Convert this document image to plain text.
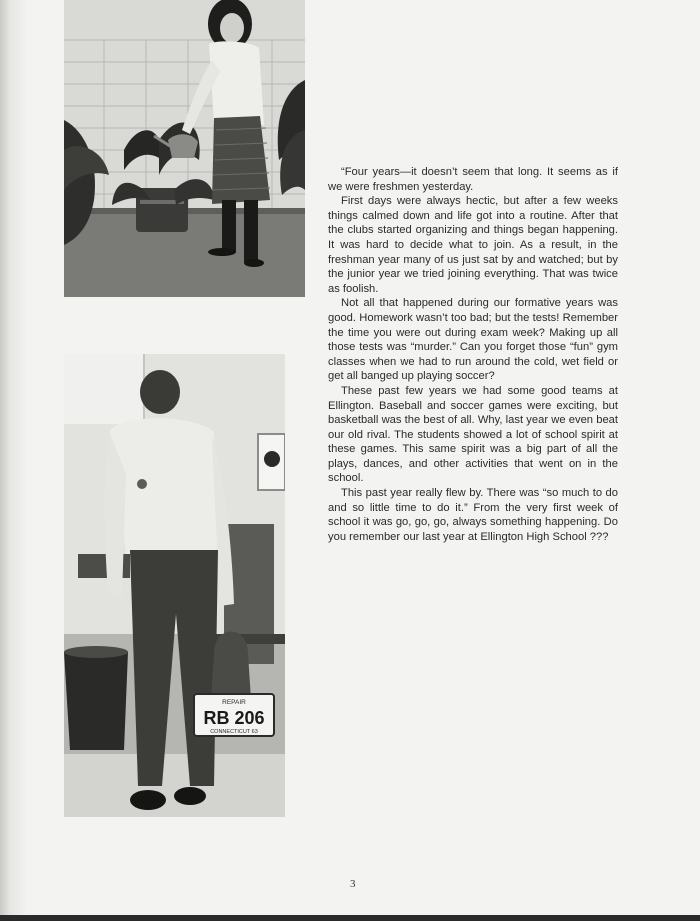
REPAIR
RB 206
CONNECTICUT 63

“Four years—it doesn’t seem that long. It seems as if we were freshmen yesterday.

First days were always hectic, but after a few weeks things calmed down and life got into a routine. After that the clubs started organizing and things began happening. It was hard to decide what to join. As a result, in the freshman year many of us just sat by and watched; but by the junior year we tried joining everything. That was twice as foolish.

Not all that happened during our formative years was good. Homework wasn’t too bad; but the tests! Remember the time you were out during exam week? Making up all those tests was “murder.” Can you forget those “fun” gym classes when we had to run around the cold, wet field or get all banged up playing soccer?

These past few years we had some good teams at Ellington. Baseball and soccer games were exciting, but basketball was the best of all. Why, last year we even beat our old rival. The students showed a lot of school spirit at these games. This same spirit was a big part of all the plays, dances, and other activities that went on in the school.

This past year really flew by. There was “so much to do and so little time to do it.” From the very first week of school it was go, go, go, always something happening. Do you remember our last year at Ellington High School ???

3
